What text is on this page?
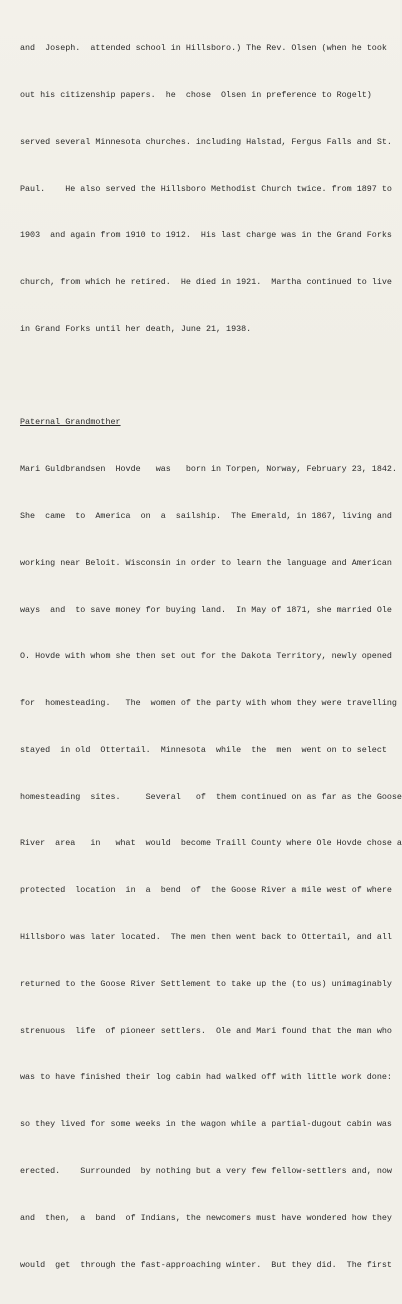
and  Joseph.  attended school in Hillsboro.) The Rev. Olsen (when he took

out his citizenship papers.  he  chose  Olsen in preference to Rogelt)

served several Minnesota churches. including Halstad, Fergus Falls and St.

Paul.    He also served the Hillsboro Methodist Church twice. from 1897 to

1903  and again from 1910 to 1912.  His last charge was in the Grand Forks

church, from which he retired.  He died in 1921.  Martha continued to live

in Grand Forks until her death, June 21, 1938.

Paternal Grandmother

Mari Guldbrandsen  Hovde   was   born in Torpen, Norway, February 23, 1842.

She  came  to  America  on  a  sailship.  The Emerald, in 1867, living and

working near Beloit. Wisconsin in order to learn the language and American

ways  and  to save money for buying land.  In May of 1871, she married Ole

O. Hovde with whom she then set out for the Dakota Territory, newly opened

for  homesteading.   The  women of the party with whom they were travelling

stayed  in old  Ottertail.  Minnesota  while  the  men  went on to select

homesteading  sites.     Several   of  them continued on as far as the Goose

River  area   in   what  would  become Traill County where Ole Hovde chose a

protected  location  in  a  bend  of  the Goose River a mile west of where

Hillsboro was later located.  The men then went back to Ottertail, and all

returned to the Goose River Settlement to take up the (to us) unimaginably

strenuous  life  of pioneer settlers.  Ole and Mari found that the man who

was to have finished their log cabin had walked off with little work done:

so they lived for some weeks in the wagon while a partial-dugout cabin was

erected.    Surrounded  by nothing but a very few fellow-settlers and, now

and  then,  a  band  of Indians, the newcomers must have wondered how they

would  get  through the fast-approaching winter.  But they did.  The first
